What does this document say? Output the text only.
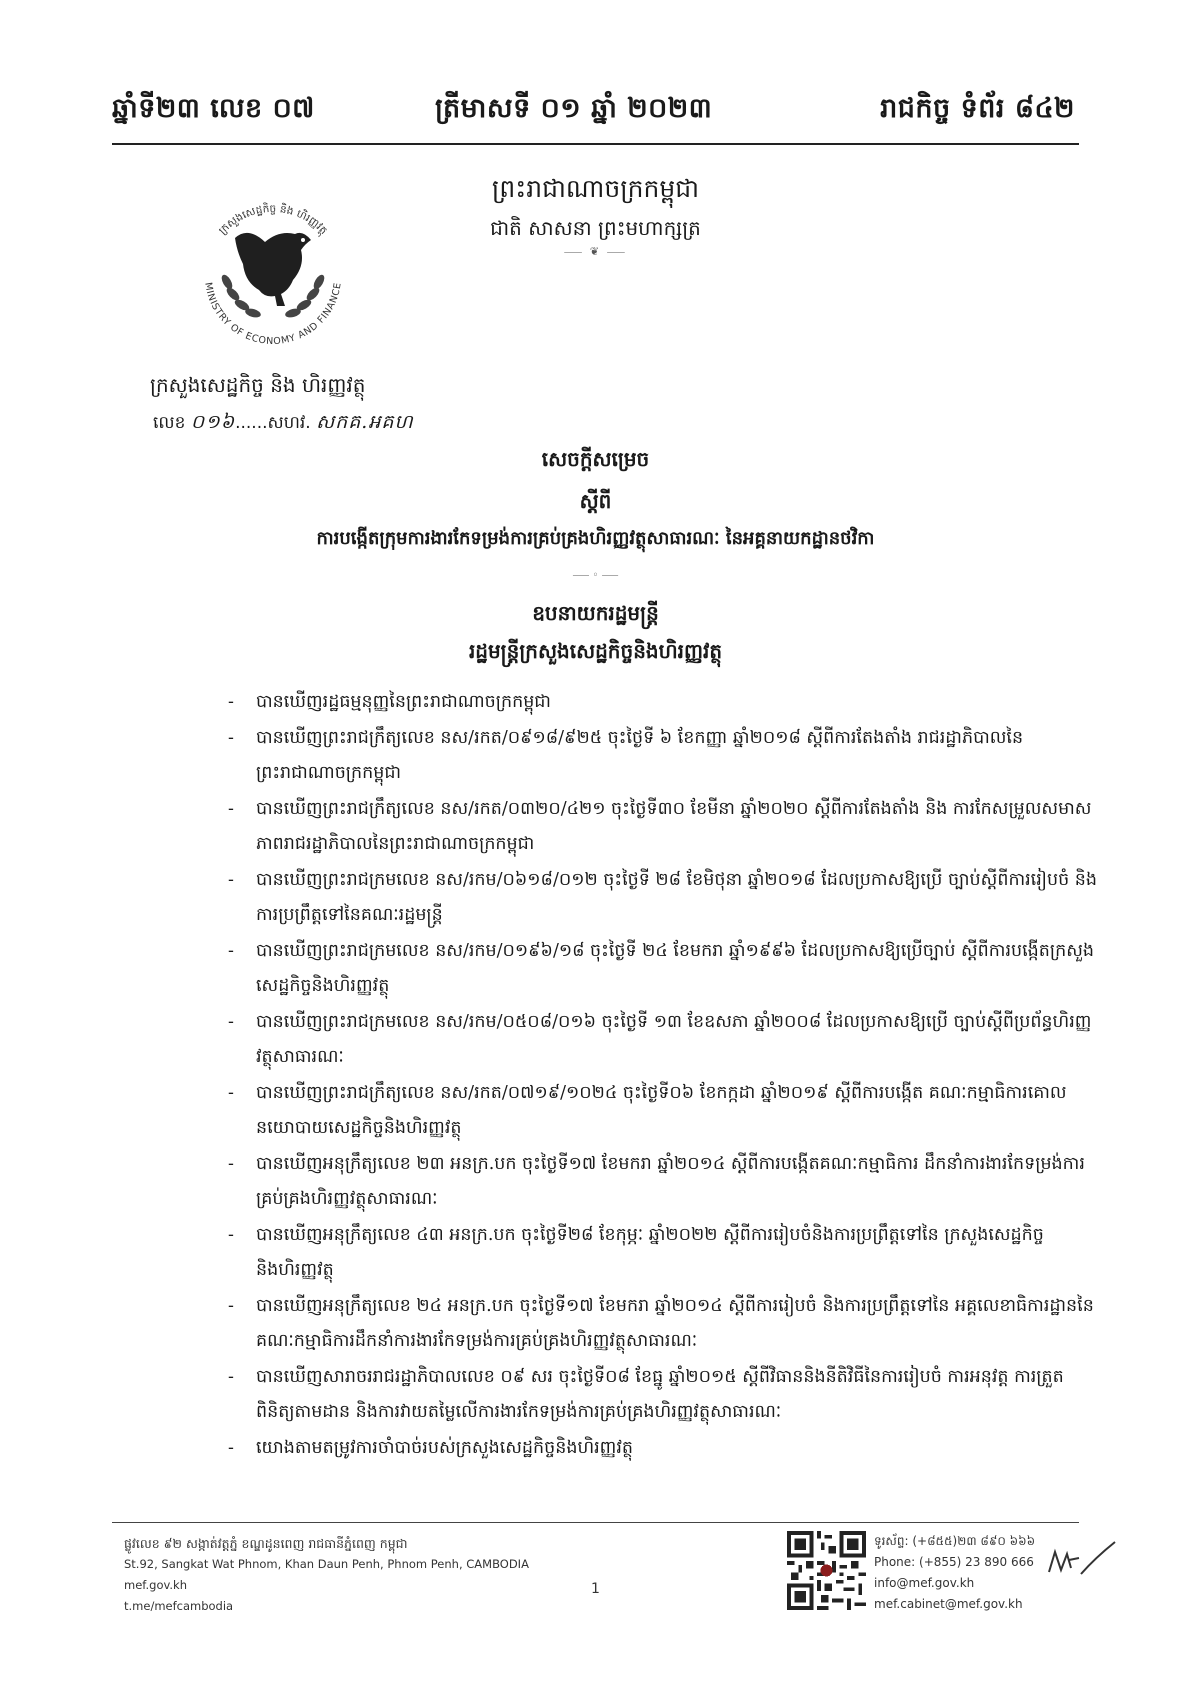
ឆ្នាំទី២៣ លេខ ០៧	ត្រីមាសទី ០១ ឆ្នាំ ២០២៣	រាជកិច្ច ទំព័រ ៨៤២
ព្រះរាជាណាចក្រកម្ពុជា
ជាតិ សាសនា ព្រះមហាក្សត្រ
⸺ ❦ ⸺
ក្រសួងសេដ្ឋកិច្ច និង ហិរញ្ញវត្ថុ
MINISTRY OF ECONOMY AND FINANCE
ក្រសួងសេដ្ឋកិច្ច និង ហិរញ្ញវត្ថុ
លេខ ០១៦......សហវ. សកគ.អគហ
សេចក្តីសម្រេច
ស្តីពី
ការបង្កើតក្រុមការងារកែទម្រង់ការគ្រប់គ្រងហិរញ្ញវត្ថុសាធារណៈ នៃអគ្គនាយកដ្ឋានថវិកា
⸺ ◦ ⸺
ឧបនាយករដ្ឋមន្ត្រី
រដ្ឋមន្ត្រីក្រសួងសេដ្ឋកិច្ចនិងហិរញ្ញវត្ថុ
- បានឃើញរដ្ឋធម្មនុញ្ញនៃព្រះរាជាណាចក្រកម្ពុជា
- បានឃើញព្រះរាជក្រឹត្យលេខ នស/រកត/០៩១៨/៩២៥ ចុះថ្ងៃទី ៦ ខែកញ្ញា ឆ្នាំ២០១៨ ស្តីពីការតែងតាំង រាជរដ្ឋាភិបាលនៃព្រះរាជាណាចក្រកម្ពុជា
- បានឃើញព្រះរាជក្រឹត្យលេខ នស/រកត/០៣២០/៤២១ ចុះថ្ងៃទី៣០ ខែមីនា ឆ្នាំ២០២០ ស្តីពីការតែងតាំង និង ការកែសម្រួលសមាសភាពរាជរដ្ឋាភិបាលនៃព្រះរាជាណាចក្រកម្ពុជា
- បានឃើញព្រះរាជក្រមលេខ នស/រកម/០៦១៨/០១២ ចុះថ្ងៃទី ២៨ ខែមិថុនា ឆ្នាំ២០១៨ ដែលប្រកាសឱ្យប្រើ ច្បាប់ស្តីពីការរៀបចំ និងការប្រព្រឹត្តទៅនៃគណៈរដ្ឋមន្ត្រី
- បានឃើញព្រះរាជក្រមលេខ នស/រកម/០១៩៦/១៨ ចុះថ្ងៃទី ២៤ ខែមករា ឆ្នាំ១៩៩៦ ដែលប្រកាសឱ្យប្រើច្បាប់ ស្តីពីការបង្កើតក្រសួងសេដ្ឋកិច្ចនិងហិរញ្ញវត្ថុ
- បានឃើញព្រះរាជក្រមលេខ នស/រកម/០៥០៨/០១៦ ចុះថ្ងៃទី ១៣ ខែឧសភា ឆ្នាំ២០០៨ ដែលប្រកាសឱ្យប្រើ ច្បាប់ស្តីពីប្រព័ន្ធហិរញ្ញវត្ថុសាធារណៈ
- បានឃើញព្រះរាជក្រឹត្យលេខ នស/រកត/០៧១៩/១០២៤ ចុះថ្ងៃទី០៦ ខែកក្កដា ឆ្នាំ២០១៩ ស្តីពីការបង្កើត គណៈកម្មាធិការគោលនយោបាយសេដ្ឋកិច្ចនិងហិរញ្ញវត្ថុ
- បានឃើញអនុក្រឹត្យលេខ ២៣ អនក្រ.បក ចុះថ្ងៃទី១៧ ខែមករា ឆ្នាំ២០១៤ ស្តីពីការបង្កើតគណៈកម្មាធិការ ដឹកនាំការងារកែទម្រង់ការគ្រប់គ្រងហិរញ្ញវត្ថុសាធារណៈ
- បានឃើញអនុក្រឹត្យលេខ ៤៣ អនក្រ.បក ចុះថ្ងៃទី២៨ ខែកុម្ភៈ ឆ្នាំ២០២២ ស្តីពីការរៀបចំនិងការប្រព្រឹត្តទៅនៃ ក្រសួងសេដ្ឋកិច្ចនិងហិរញ្ញវត្ថុ
- បានឃើញអនុក្រឹត្យលេខ ២៤ អនក្រ.បក ចុះថ្ងៃទី១៧ ខែមករា ឆ្នាំ២០១៤ ស្តីពីការរៀបចំ និងការប្រព្រឹត្តទៅនៃ អគ្គលេខាធិការដ្ឋាននៃគណៈកម្មាធិការដឹកនាំការងារកែទម្រង់ការគ្រប់គ្រងហិរញ្ញវត្ថុសាធារណៈ
- បានឃើញសារាចររាជរដ្ឋាភិបាលលេខ ០៩ សរ ចុះថ្ងៃទី០៨ ខែធ្នូ ឆ្នាំ២០១៥ ស្តីពីវិធាននិងនីតិវិធីនៃការរៀបចំ ការអនុវត្ត ការត្រួតពិនិត្យតាមដាន និងការវាយតម្លៃលើការងារកែទម្រង់ការគ្រប់គ្រងហិរញ្ញវត្ថុសាធារណៈ
- យោងតាមតម្រូវការចាំបាច់របស់ក្រសួងសេដ្ឋកិច្ចនិងហិរញ្ញវត្ថុ
ផ្លូវលេខ ៩២ សង្កាត់វត្តភ្នំ ខណ្ឌដូនពេញ រាជធានីភ្នំពេញ កម្ពុជា
St.92, Sangkat Wat Phnom, Khan Daun Penh, Phnom Penh, CAMBODIA
mef.gov.kh
t.me/mefcambodia
1
ទូរស័ព្ទ: (+៨៥៥)២៣ ៨៩០ ៦៦៦
Phone: (+855) 23 890 666
info@mef.gov.kh
mef.cabinet@mef.gov.kh
